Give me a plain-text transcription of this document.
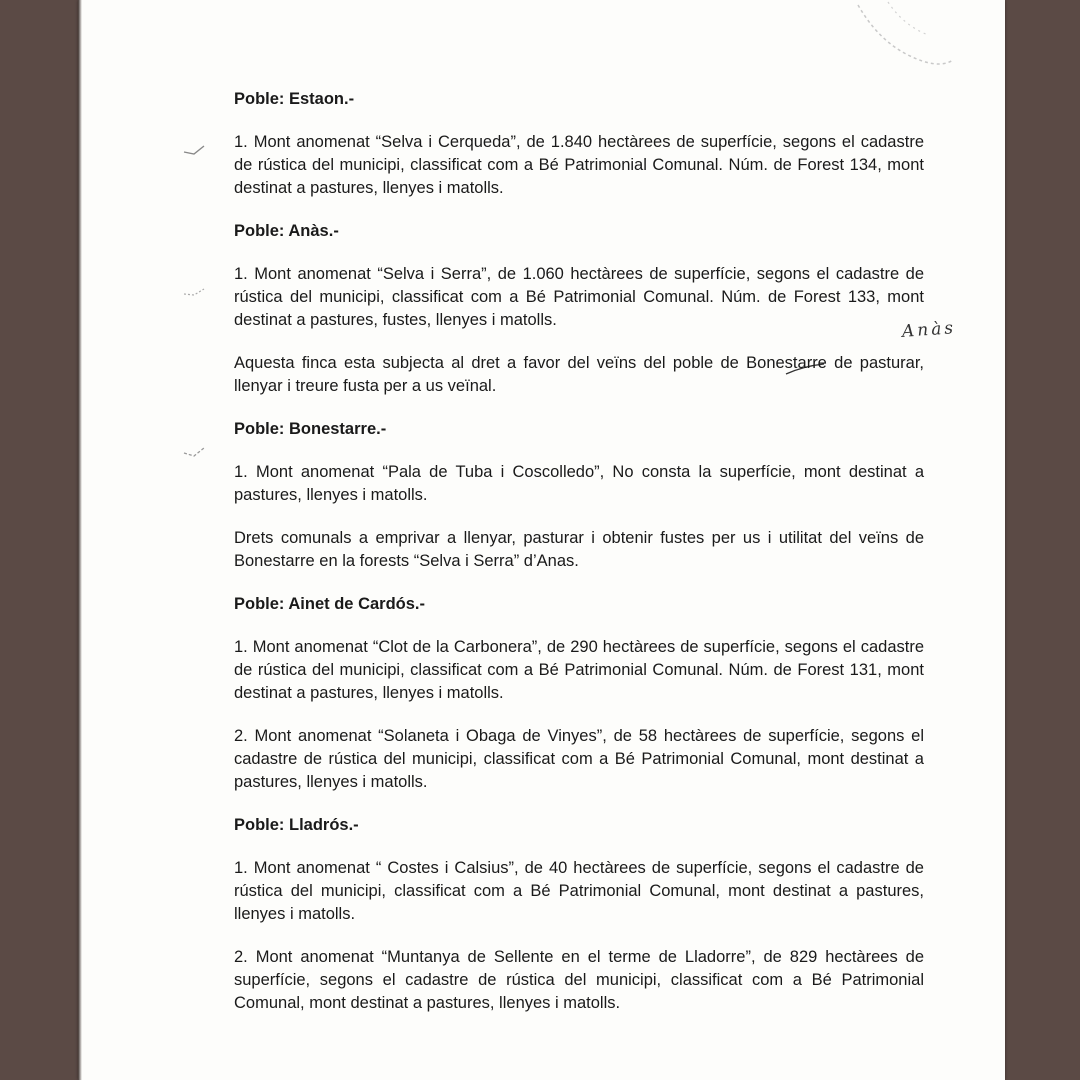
Anàs
Poble: Estaon.-

1. Mont anomenat “Selva i Cerqueda”, de 1.840 hectàrees de superfície, segons el cadastre de rústica del municipi, classificat com a Bé Patrimonial Comunal. Núm. de Forest 134, mont destinat a pastures, llenyes i matolls.

Poble: Anàs.-

1. Mont anomenat “Selva i Serra”, de 1.060 hectàrees de superfície, segons el cadastre de rústica del municipi, classificat com a Bé Patrimonial Comunal. Núm. de Forest 133, mont destinat a pastures, fustes, llenyes i matolls.

Aquesta finca esta subjecta al dret a favor del veïns del poble de Bonestarre de pasturar, llenyar i treure fusta per a us veïnal.

Poble: Bonestarre.-

1. Mont anomenat “Pala de Tuba i Coscolledo”, No consta la superfície, mont destinat a pastures, llenyes i matolls.

Drets comunals a emprivar a llenyar, pasturar i obtenir fustes per us i utilitat del veïns de Bonestarre en la forests “Selva i Serra” d’Anas.

Poble: Ainet de Cardós.-

1. Mont anomenat “Clot de la Carbonera”, de 290 hectàrees de superfície, segons el cadastre de rústica del municipi, classificat com a Bé Patrimonial Comunal. Núm. de Forest 131, mont destinat a pastures, llenyes i matolls.

2. Mont anomenat “Solaneta i Obaga de Vinyes”, de 58 hectàrees de superfície, segons el cadastre de rústica del municipi, classificat com a Bé Patrimonial Comunal, mont destinat a pastures, llenyes i matolls.

Poble: Lladrós.-

1. Mont anomenat “ Costes i Calsius”, de 40 hectàrees de superfície, segons el cadastre de rústica del municipi, classificat com a Bé Patrimonial Comunal, mont destinat a pastures, llenyes i matolls.

2. Mont anomenat “Muntanya de Sellente en el terme de Lladorre”, de 829 hectàrees de superfície, segons el cadastre de rústica del municipi, classificat com a Bé Patrimonial Comunal, mont destinat a pastures, llenyes i matolls.
